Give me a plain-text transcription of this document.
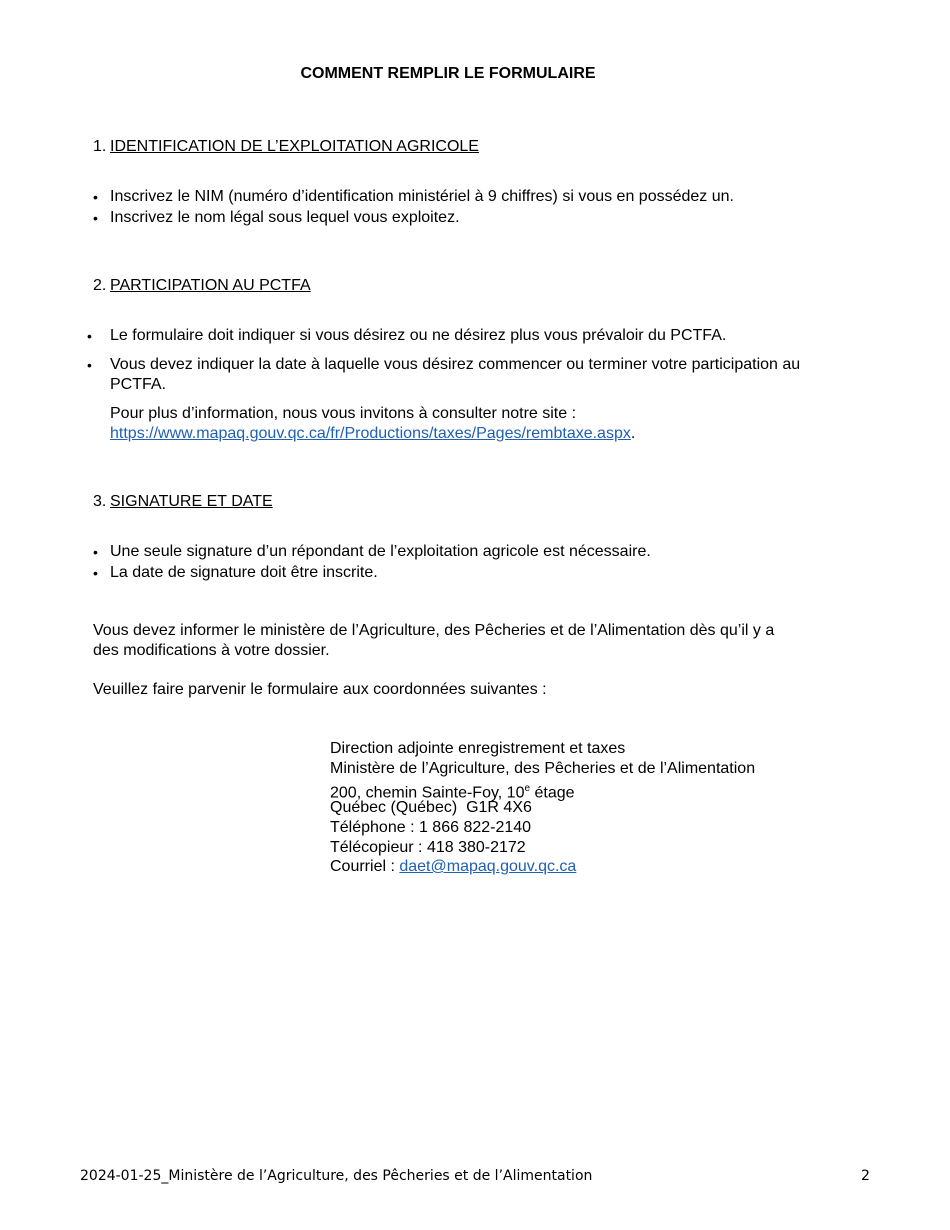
COMMENT REMPLIR LE FORMULAIRE
1. IDENTIFICATION DE L’EXPLOITATION AGRICOLE
• Inscrivez le NIM (numéro d’identification ministériel à 9 chiffres) si vous en possédez un.
• Inscrivez le nom légal sous lequel vous exploitez.
2. PARTICIPATION AU PCTFA
• Le formulaire doit indiquer si vous désirez ou ne désirez plus vous prévaloir du PCTFA.
• Vous devez indiquer la date à laquelle vous désirez commencer ou terminer votre participation au
PCTFA.
Pour plus d’information, nous vous invitons à consulter notre site :
https://www.mapaq.gouv.qc.ca/fr/Productions/taxes/Pages/rembtaxe.aspx.
3. SIGNATURE ET DATE
• Une seule signature d’un répondant de l’exploitation agricole est nécessaire.
• La date de signature doit être inscrite.
Vous devez informer le ministère de l’Agriculture, des Pêcheries et de l’Alimentation dès qu’il y a
des modifications à votre dossier.
Veuillez faire parvenir le formulaire aux coordonnées suivantes :
Direction adjointe enregistrement et taxes
Ministère de l’Agriculture, des Pêcheries et de l’Alimentation
200, chemin Sainte-Foy, 10e étage
Québec (Québec)  G1R 4X6
Téléphone : 1 866 822-2140
Télécopieur : 418 380-2172
Courriel : daet@mapaq.gouv.qc.ca
2024-01-25_Ministère de l’Agriculture, des Pêcheries et de l’Alimentation	2
